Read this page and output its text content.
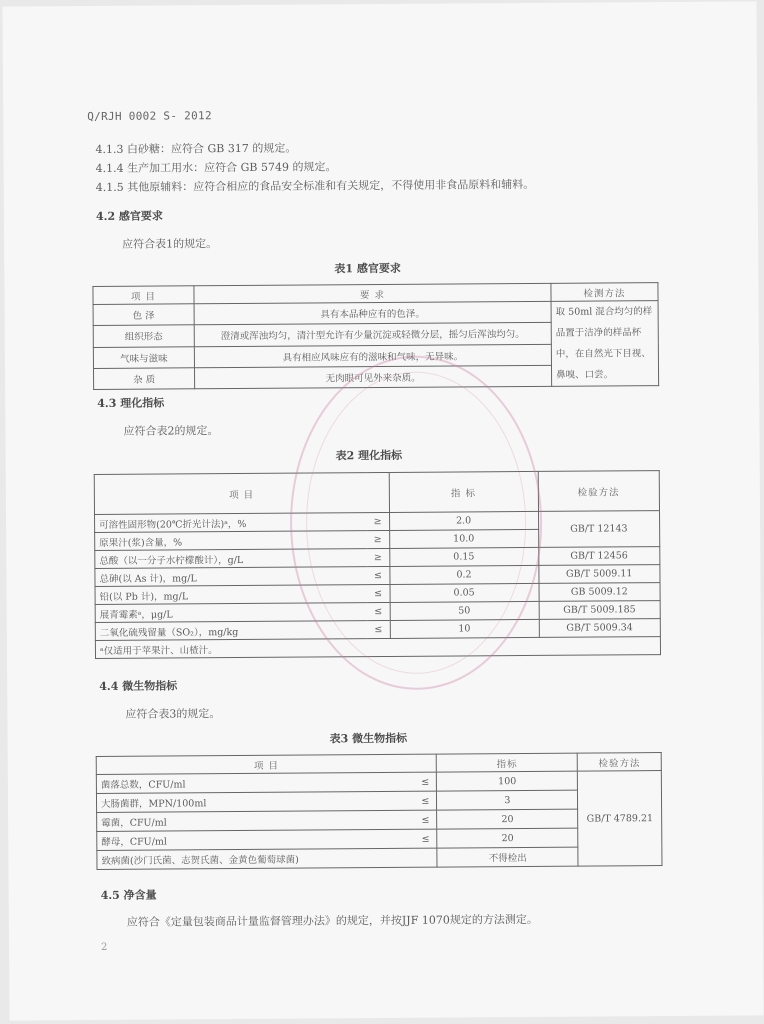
Q/RJH 0002 S- 2012
4.1.3 白砂糖：应符合 GB 317 的规定。
4.1.4 生产加工用水：应符合 GB 5749 的规定。
4.1.5 其他原辅料：应符合相应的食品安全标准和有关规定，不得使用非食品原料和辅料。
4.2 感官要求
应符合表1的规定。
表1 感官要求
项 目	要 求	检测方法
色 泽	具有本品种应有的色泽。	取 50ml 混合均匀的样品置于洁净的样品杯中，在自然光下目视、鼻嗅、口尝。
组织形态	澄清或浑浊均匀，清汁型允许有少量沉淀或轻微分层，摇匀后浑浊均匀。	
气味与滋味	具有相应风味应有的滋味和气味，无异味。	
杂 质	无肉眼可见外来杂质。	
4.3 理化指标
应符合表2的规定。
表2 理化指标
项 目		指 标	检验方法
可溶性固形物(20℃折光计法)ᵃ，%	≥	2.0	GB/T 12143
原果汁(浆)含量，%	≥	10.0	
总酸（以一分子水柠檬酸计），g/L	≥	0.15	GB/T 12456
总砷(以 As 计)，mg/L	≤	0.2	GB/T 5009.11
铅(以 Pb 计)，mg/L	≤	0.05	GB 5009.12
展青霉素ᵃ，μg/L	≤	50	GB/T 5009.185
二氧化硫残留量（SO₂），mg/kg	≤	10	GB/T 5009.34
ᵃ仅适用于苹果汁、山楂汁。			
4.4 微生物指标
应符合表3的规定。
表3 微生物指标
项 目		指标	检验方法
菌落总数，CFU/ml	≤	100	GB/T 4789.21
大肠菌群，MPN/100ml	≤	3	
霉菌，CFU/ml	≤	20	
酵母，CFU/ml	≤	20	
致病菌(沙门氏菌、志贺氏菌、金黄色葡萄球菌)		不得检出	
4.5 净含量
应符合《定量包装商品计量监督管理办法》的规定，并按JJF 1070规定的方法测定。
2
